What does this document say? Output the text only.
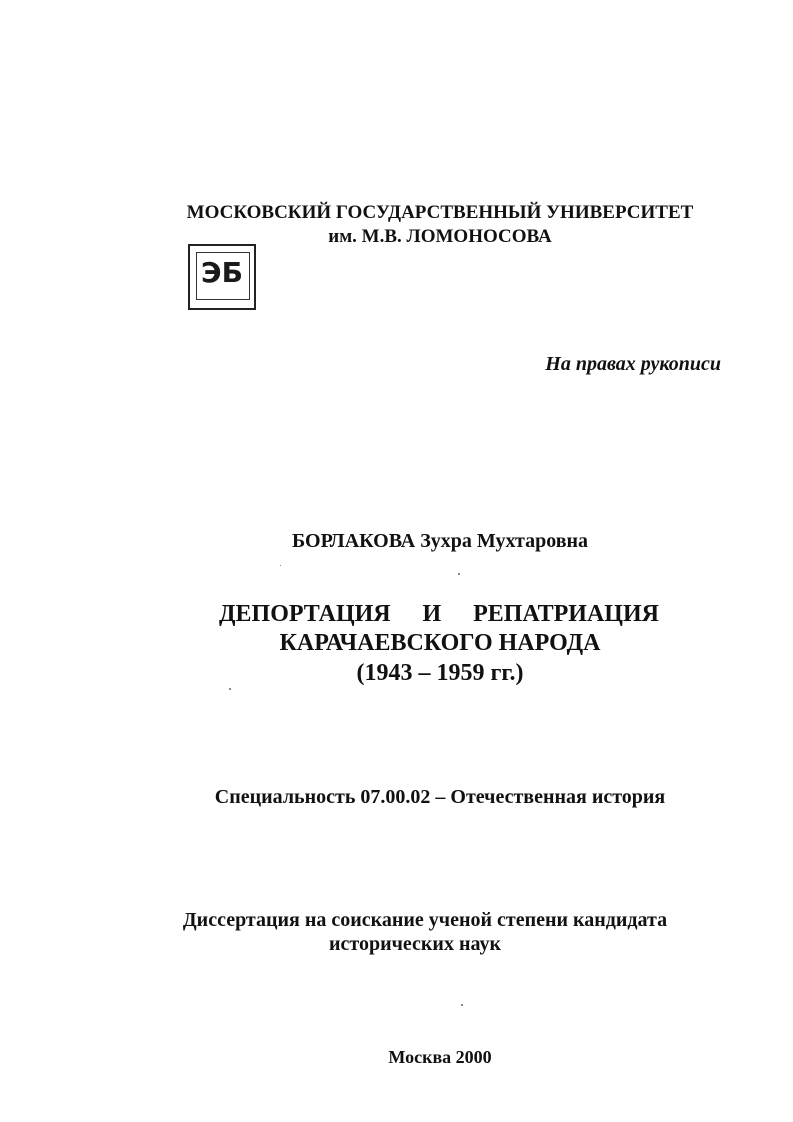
МОСКОВСКИЙ ГОСУДАРСТВЕННЫЙ УНИВЕРСИТЕТ
им. М.В. ЛОМОНОСОВА
ЭБ
На правах рукописи
БОРЛАКОВА Зухра Мухтаровна
ДЕПОРТАЦИЯ И РЕПАТРИАЦИЯ
КАРАЧАЕВСКОГО НАРОДА
(1943 – 1959 гг.)
Специальность 07.00.02 – Отечественная история
Диссертация на соискание ученой степени кандидата
исторических наук
Москва 2000
